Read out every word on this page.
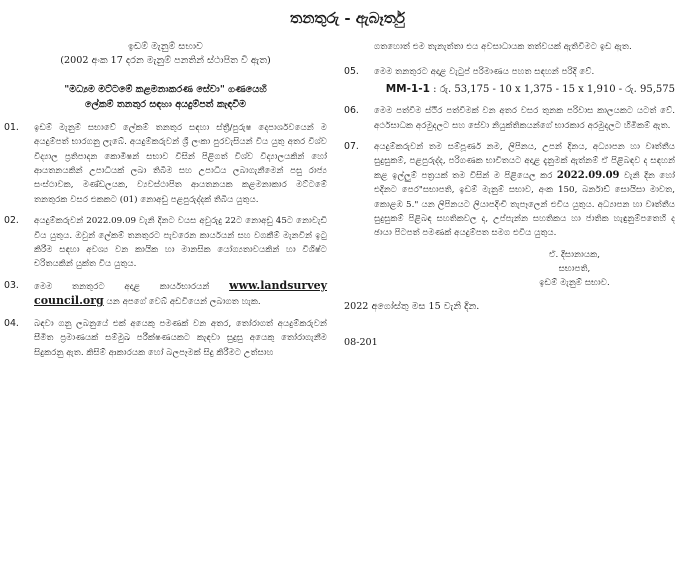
තනතුරු - ඇබෑර්තු
ඉඩම් මැනුම් සභාව
(2002 අංක 17 දරන මැනුම් පනතින් ස්ථාපිත වී ඇත)
"මධ්‍යම මට්ටමේ කළමනාකරණ සේවා" ගණයෙහි
ලේකම් තනතුර සඳහා අයදුම්පත් කැඳවීම
01.	ඉඩම් මැනුම් සභාවේ ලේකම් තනතුර සඳහා ස්ත්‍රී/පුරුෂ දෙපාර්ශවයෙන් ම අයදුම්පත් භාරගනු ලැබේ. අයදුම්කරුවන් ශ්‍රී ලංකා පුරවැසියන් විය යුතු අතර විශ්ව විද්‍යාල ප්‍රතිපාදන කොමිෂන් සභාව විසින් පිළිගත් විශ්ව විද්‍යාලයකින් හෝ ආයතනයකින් උපාධියක් ලබා තිබීම සහ උපාධිය ලබාගැනීමෙන් පසු රාජ්‍ය සංස්ථාවක, මණ්ඩලයක, ව්‍යවස්ථාපිත ආයතනයක කළමනාකාර මට්ටමේ තනතුරක වසර එකකට (01) නොඅඩු පළපුරුද්දක් තිබිය යුතුය.
02.	අයදුම්කරුවන් 2022.09.09 වැනි දිනට වයස අවුරුදු 22ට නොඅඩු 45ට නොවැඩි විය යුතුය. ඔවුන් ලේකම් තනතුරට පැවරෙන කාර්යයන් සහ වගකීම් මැනවින් ඉටු කිරීම සඳහා අවශ්‍ය වන කායික හා මානසික යෝග්‍යතාවයකින් හා විශිෂ්ට චරිතයකින් යුක්ත විය යුතුය.
03.	මෙම තනතුරට අදාළ කාර්යභාරයන් www.landsurvey council.org යන අපගේ වෙබ් අඩවියෙන් ලබාගත හැක.
04.	බඳවා ගනු ලබනුයේ එක් අයෙකු පමණක් වන අතර, තෝරාගත් අයදුම්කරුවන් සීමිත ප්‍රමාණයක් සම්මුඛ පරීක්ෂණයකට කැඳවා සුදුසු අයෙකු තෝරාගැනීම සිදුකරනු ඇත. කිසිම් ආකාරයක හෝ බලපෑමක් සිදු කිරීමට උත්සාහ
ගතහොත් එම තැනැත්තා එය අවසාධායක තත්වයක් ඇතිවීමට ඉඩ ඇත.
05.	මෙම තනතුරට අදාළ වැටුප් පරිමාණය පහත සඳහන් පරිදි වේ.
MM-1-1 : රු. 53,175 - 10 x 1,375 - 15 x 1,910 - රු. 95,575
06.	මෙම පත්වීම ස්ථිර පත්වීමක් වන අතර වසර තුනක පරිවාස කාලයකට යටත් වේ. අර්ථසාධක අරමුදලට සහ සේවා නියුක්තිකයන්ගේ භාරකාර අරමුදලට හිමිකම් ඇත.
07.	අයදුම්කරුවන් තම සම්පූර්ණ නම, ලිපිනය, උපන් දිනය, අධ්‍යාපන හා වෘත්තීය සුදුසුකම්, පළපුරුද්ද, පරිගණක භාවිතයට අදාළ දැනුමක් ඇත්නම් ඒ පිළිබඳව ද සඳහන් කළ ඉල්ලුම් පත්‍රයක් තම විසින් ම පිළියෙල කර 2022.09.09 වැනි දින හෝ එදිනට පෙර"සභාපති, ඉඩම් මැනුම් සභාව, අංක 150, බර්නාඩ් සොයිසා මාවත, කොළඹ 5." යන ලිපිනයට ලියාපදිංචි තැපෑලෙන් එවිය යුතුය. අධ්‍යාපන හා වෘත්තීය සුදුසුකම් පිළිබඳ සහතිකවල ද, උප්පැන්න සහතිකය හා ජාතික හැඳුනුම්පතෙහි ද ඡායා පිටපත් පමණක් අයදුම්පත සමග එවිය යුතුය.
ඒ. දිසානායක,
සභාපති,
ඉඩම් මැනුම් සභාව.
2022 අගෝස්තු මස 15 වැනි දින.
08-201
